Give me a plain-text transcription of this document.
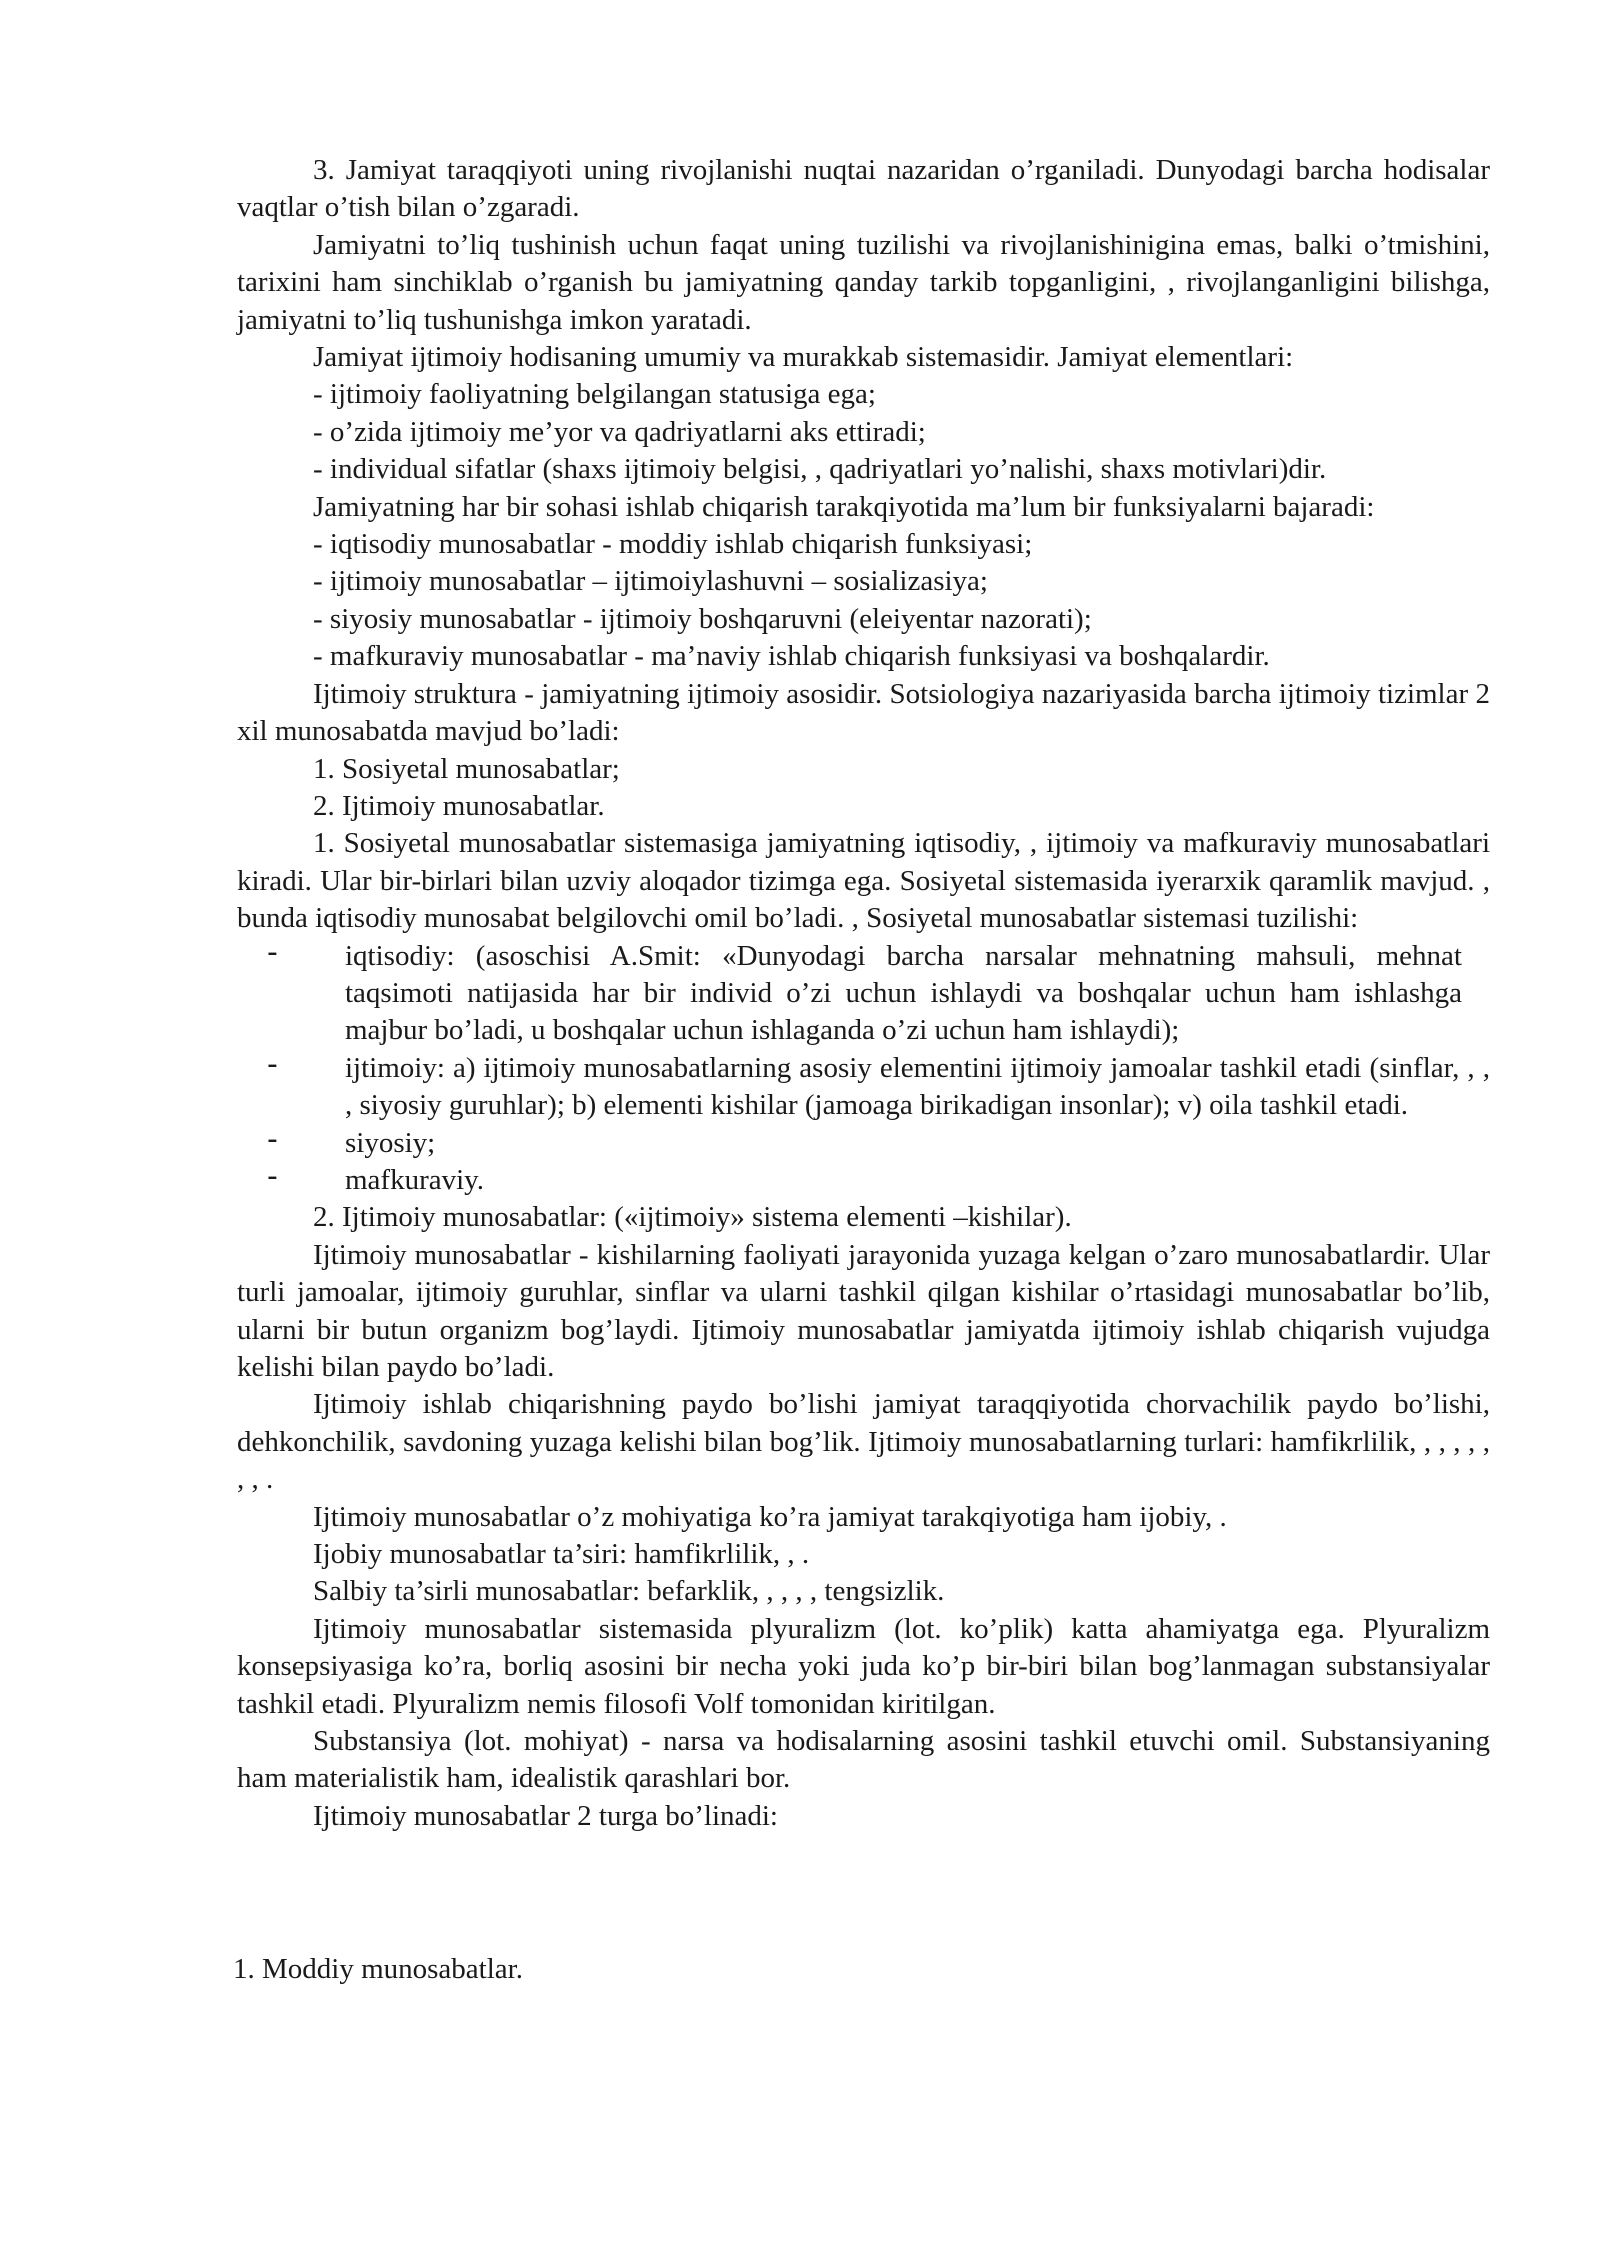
3. Jamiyat taraqqiyoti uning rivojlanishi nuqtai nazaridan o’rganiladi. Dunyodagi barcha hodisalar vaqtlar o’tish bilan o’zgaradi.

Jamiyatni to’liq tushinish uchun faqat uning tuzilishi va rivojlanishinigina emas, balki o’tmishini, tarixini ham sinchiklab o’rganish bu jamiyatning qanday tarkib topganligini, , rivojlanganligini bilishga, jamiyatni to’liq tushunishga imkon yaratadi.

Jamiyat ijtimoiy hodisaning umumiy va murakkab sistemasidir. Jamiyat elementlari:

- ijtimoiy faoliyatning belgilangan statusiga ega;

- o’zida ijtimoiy me’yor va qadriyatlarni aks ettiradi;

- individual sifatlar (shaxs ijtimoiy belgisi, , qadriyatlari yo’nalishi, shaxs motivlari)dir.

Jamiyatning har bir sohasi ishlab chiqarish tarakqiyotida ma’lum bir funksiyalarni bajaradi:

- iqtisodiy munosabatlar - moddiy ishlab chiqarish funksiyasi;

- ijtimoiy munosabatlar – ijtimoiylashuvni – sosializasiya;

- siyosiy munosabatlar - ijtimoiy boshqaruvni (eleiyentar nazorati);

- mafkuraviy munosabatlar - ma’naviy ishlab chiqarish funksiyasi va boshqalardir.

Ijtimoiy struktura - jamiyatning ijtimoiy asosidir. Sotsiologiya nazariyasida barcha ijtimoiy tizimlar 2 xil munosabatda mavjud bo’ladi:

1. Sosiyetal munosabatlar;

2. Ijtimoiy munosabatlar.

1. Sosiyetal munosabatlar sistemasiga jamiyatning iqtisodiy, , ijtimoiy va mafkuraviy munosabatlari kiradi. Ular bir-birlari bilan uzviy aloqador tizimga ega. Sosiyetal sistemasida iyerarxik qaramlik mavjud. , bunda iqtisodiy munosabat belgilovchi omil bo’ladi. , Sosiyetal munosabatlar sistemasi tuzilishi:

- iqtisodiy: (asoschisi A.Smit: «Dunyodagi barcha narsalar mehnatning mahsuli, mehnat taqsimoti natijasida har bir individ o’zi uchun ishlaydi va boshqalar uchun ham ishlashga majbur bo’ladi, u boshqalar uchun ishlaganda o’zi uchun ham ishlaydi);
- ijtimoiy: a) ijtimoiy munosabatlarning asosiy elementini ijtimoiy jamoalar tashkil etadi (sinflar, , , , siyosiy guruhlar); b) elementi kishilar (jamoaga birikadigan insonlar); v) oila tashkil etadi.
- siyosiy;
- mafkuraviy.

2. Ijtimoiy munosabatlar: («ijtimoiy» sistema elementi –kishilar).

Ijtimoiy munosabatlar - kishilarning faoliyati jarayonida yuzaga kelgan o’zaro munosabatlardir. Ular turli jamoalar, ijtimoiy guruhlar, sinflar va ularni tashkil qilgan kishilar o’rtasidagi munosabatlar bo’lib, ularni bir butun organizm bog’laydi. Ijtimoiy munosabatlar jamiyatda ijtimoiy ishlab chiqarish vujudga kelishi bilan paydo bo’ladi.

Ijtimoiy ishlab chiqarishning paydo bo’lishi jamiyat taraqqiyotida chorvachilik paydo bo’lishi, dehkonchilik, savdoning yuzaga kelishi bilan bog’lik. Ijtimoiy munosabatlarning turlari: hamfikrlilik, , , , , , , , .

Ijtimoiy munosabatlar o’z mohiyatiga ko’ra jamiyat tarakqiyotiga ham ijobiy, .

Ijobiy munosabatlar ta’siri: hamfikrlilik, , .

Salbiy ta’sirli munosabatlar: befarklik, , , , , tengsizlik.

Ijtimoiy munosabatlar sistemasida plyuralizm (lot. ko’plik) katta ahamiyatga ega. Plyuralizm konsepsiyasiga ko’ra, borliq asosini bir necha yoki juda ko’p bir-biri bilan bog’lanmagan substansiyalar tashkil etadi. Plyuralizm nemis filosofi Volf tomonidan kiritilgan.

Substansiya (lot. mohiyat) - narsa va hodisalarning asosini tashkil etuvchi omil. Substansiyaning ham materialistik ham, idealistik qarashlari bor.

Ijtimoiy munosabatlar 2 turga bo’linadi:

1. Moddiy munosabatlar.
